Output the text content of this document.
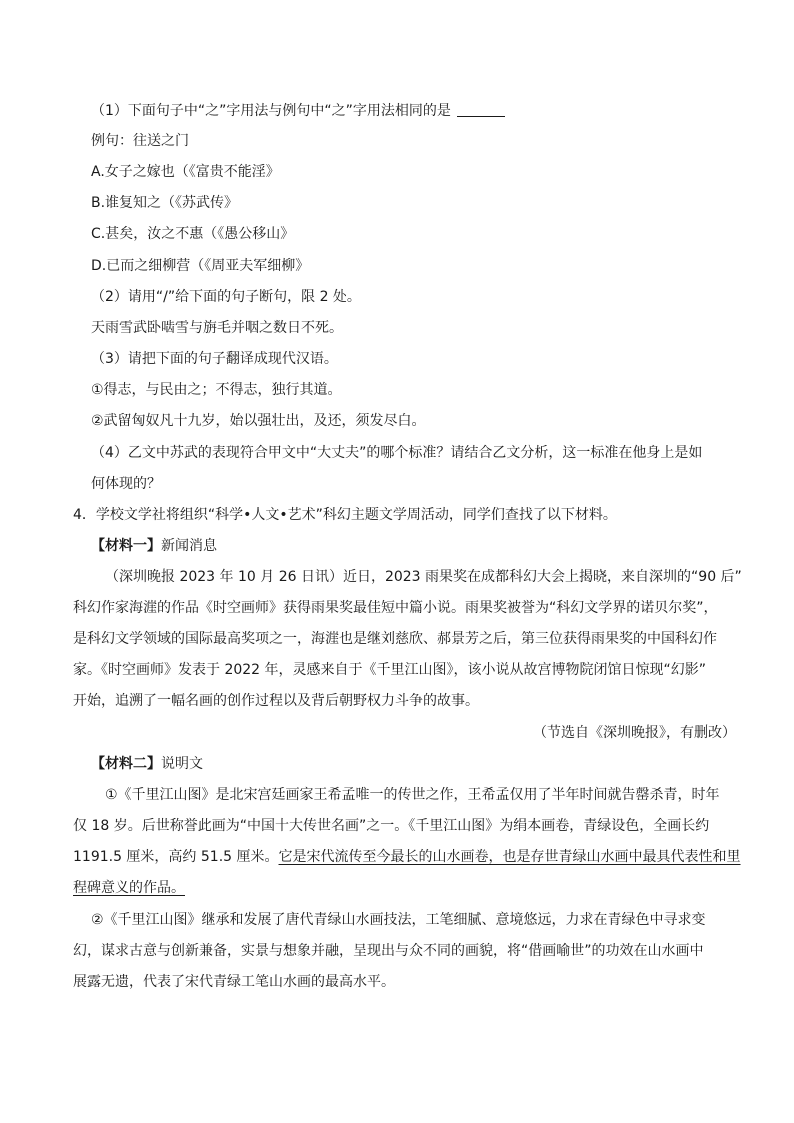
（1）下面句子中“之”字用法与例句中“之”字用法相同的是
例句：往送之门
A.女子之嫁也（《富贵不能淫》
B.谁复知之（《苏武传》
C.甚矣，汝之不惠（《愚公移山》
D.已而之细柳营（《周亚夫军细柳》
（2）请用“/”给下面的句子断句，限 2 处。
天雨雪武卧啮雪与旃毛并咽之数日不死。
（3）请把下面的句子翻译成现代汉语。
①得志，与民由之；不得志，独行其道。
②武留匈奴凡十九岁，始以强壮出，及还，须发尽白。
（4）乙文中苏武的表现符合甲文中“大丈夫”的哪个标准？请结合乙文分析，这一标准在他身上是如
何体现的？
4．学校文学社将组织“科学•人文•艺术”科幻主题文学周活动，同学们查找了以下材料。
【材料一】新闻消息
（深圳晚报 2023 年 10 月 26 日讯）近日，2023 雨果奖在成都科幻大会上揭晓，来自深圳的“90 后”
科幻作家海漄的作品《时空画师》获得雨果奖最佳短中篇小说。雨果奖被誉为“科幻文学界的诺贝尔奖”，
是科幻文学领域的国际最高奖项之一，海漄也是继刘慈欣、郝景芳之后，第三位获得雨果奖的中国科幻作
家。《时空画师》发表于 2022 年，灵感来自于《千里江山图》，该小说从故宫博物院闭馆日惊现“幻影”
开始，追溯了一幅名画的创作过程以及背后朝野权力斗争的故事。
（节选自《深圳晚报》，有删改）
【材料二】说明文
①《千里江山图》是北宋宫廷画家王希孟唯一的传世之作，王希孟仅用了半年时间就告罄杀青，时年
仅 18 岁。后世称誉此画为“中国十大传世名画”之一。《千里江山图》为绢本画卷，青绿设色，全画长约
1191.5 厘米，高约 51.5 厘米。它是宋代流传至今最长的山水画卷，也是存世青绿山水画中最具代表性和里
程碑意义的作品。
②《千里江山图》继承和发展了唐代青绿山水画技法，工笔细腻、意境悠远，力求在青绿色中寻求变
幻，谋求古意与创新兼备，实景与想象并融，呈现出与众不同的画貌，将“借画喻世”的功效在山水画中
展露无遗，代表了宋代青绿工笔山水画的最高水平。
